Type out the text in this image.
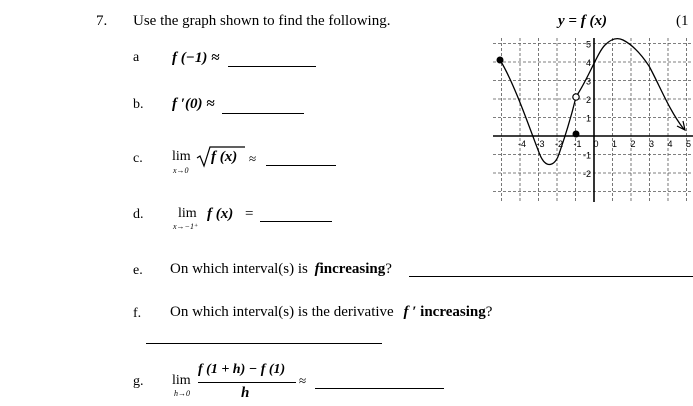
7. Use the graph shown to find the following.
a f (−1) ≈
b. f ′(0) ≈
c. lim
x→0
f (x) ≈
d. lim
x→−1⁺
f (x) =
e. On which interval(s) is fincreasing?
f. On which interval(s) is the derivative f ′ increasing?
g. lim
h→0
f (1 + h) − f (1)
h
≈
y = f (x)	(1
-4 -3 -2 -1 0 1 2 3 4 5
5
4
3
2
1
-1
-2
